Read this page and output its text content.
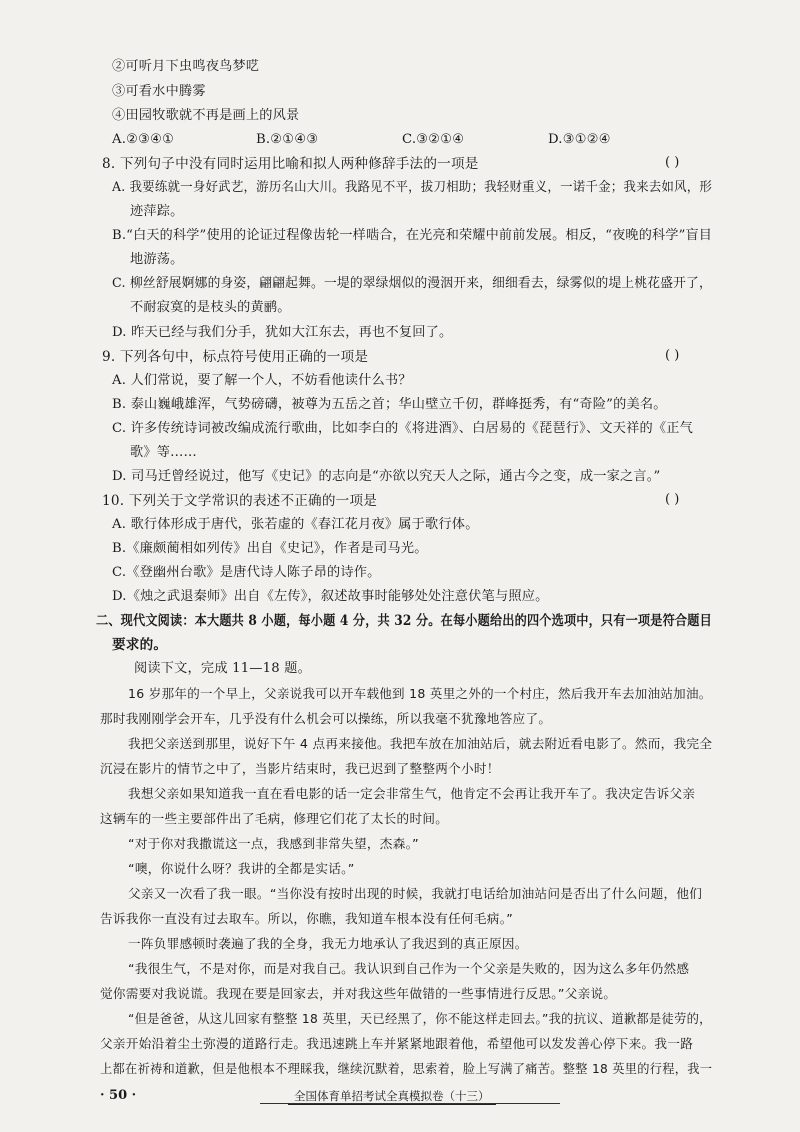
②可听月下虫鸣夜鸟梦呓
③可看水中腾雾
④田园牧歌就不再是画上的风景
A.②③④①	B.②①④③	C.③②①④	D.③①②④
8. 下列句子中没有同时运用比喻和拟人两种修辞手法的一项是	( )
A. 我要练就一身好武艺，游历名山大川。我路见不平，拔刀相助；我轻财重义，一诺千金；我来去如风，形
迹萍踪。
B.“白天的科学”使用的论证过程像齿轮一样啮合，在光亮和荣耀中前前发展。相反，“夜晚的科学”盲目
地游荡。
C. 柳丝舒展婀娜的身姿，翩翩起舞。一堤的翠绿烟似的漫洇开来，细细看去，绿雾似的堤上桃花盛开了，
不耐寂寞的是枝头的黄鹂。
D. 昨天已经与我们分手，犹如大江东去，再也不复回了。
9. 下列各句中，标点符号使用正确的一项是	( )
A. 人们常说，要了解一个人，不妨看他读什么书？
B. 泰山巍峨雄浑，气势磅礴，被尊为五岳之首；华山壁立千仞，群峰挺秀，有“奇险”的美名。
C. 许多传统诗词被改编成流行歌曲，比如李白的《将进酒》、白居易的《琵琶行》、文天祥的《正气
歌》等……
D. 司马迁曾经说过，他写《史记》的志向是“亦欲以究天人之际，通古今之变，成一家之言。”
10. 下列关于文学常识的表述不正确的一项是	( )
A. 歌行体形成于唐代，张若虚的《春江花月夜》属于歌行体。
B.《廉颇蔺相如列传》出自《史记》，作者是司马光。
C.《登幽州台歌》是唐代诗人陈子昂的诗作。
D.《烛之武退秦师》出自《左传》，叙述故事时能够处处注意伏笔与照应。
二、现代文阅读：本大题共 8 小题，每小题 4 分，共 32 分。在每小题给出的四个选项中，只有一项是符合题目
要求的。
阅读下文，完成 11—18 题。
16 岁那年的一个早上，父亲说我可以开车载他到 18 英里之外的一个村庄，然后我开车去加油站加油。
那时我刚刚学会开车，几乎没有什么机会可以操练，所以我毫不犹豫地答应了。
我把父亲送到那里，说好下午 4 点再来接他。我把车放在加油站后，就去附近看电影了。然而，我完全
沉浸在影片的情节之中了，当影片结束时，我已迟到了整整两个小时！
我想父亲如果知道我一直在看电影的话一定会非常生气，他肯定不会再让我开车了。我决定告诉父亲
这辆车的一些主要部件出了毛病，修理它们花了太长的时间。
“对于你对我撒谎这一点，我感到非常失望，杰森。”
“噢，你说什么呀？我讲的全都是实话。”
父亲又一次看了我一眼。“当你没有按时出现的时候，我就打电话给加油站问是否出了什么问题，他们
告诉我你一直没有过去取车。所以，你瞧，我知道车根本没有任何毛病。”
一阵负罪感顿时袭遍了我的全身，我无力地承认了我迟到的真正原因。
“我很生气，不是对你，而是对我自己。我认识到自己作为一个父亲是失败的，因为这么多年仍然感
觉你需要对我说谎。我现在要是回家去，并对我这些年做错的一些事情进行反思。”父亲说。
“但是爸爸，从这儿回家有整整 18 英里，天已经黑了，你不能这样走回去。”我的抗议、道歉都是徒劳的，
父亲开始沿着尘土弥漫的道路行走。我迅速跳上车并紧紧地跟着他，希望他可以发发善心停下来。我一路
上都在祈祷和道歉，但是他根本不理睬我，继续沉默着，思索着，脸上写满了痛苦。整整 18 英里的行程，我一
· 50 ·	全国体育单招考试全真模拟卷（十三）
